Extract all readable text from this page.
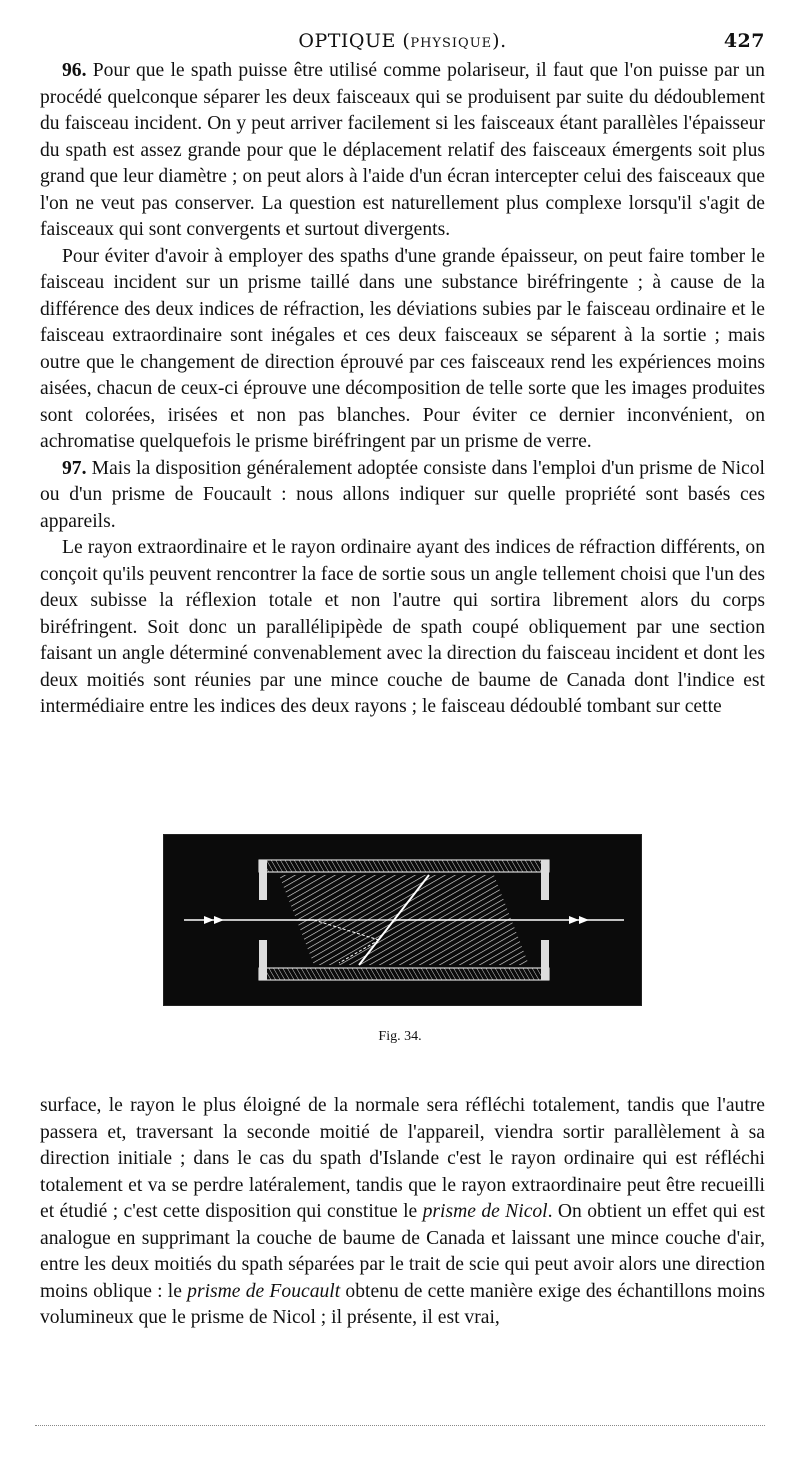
OPTIQUE (PHYSIQUE).	427

96. Pour que le spath puisse être utilisé comme polariseur, il faut que l'on puisse par un procédé quelconque séparer les deux faisceaux qui se produisent par suite du dédoublement du faisceau incident. On y peut arriver facilement si les faisceaux étant parallèles l'épaisseur du spath est assez grande pour que le déplacement relatif des faisceaux émergents soit plus grand que leur diamètre ; on peut alors à l'aide d'un écran intercepter celui des faisceaux que l'on ne veut pas conserver. La question est naturellement plus complexe lorsqu'il s'agit de faisceaux qui sont convergents et surtout divergents.

Pour éviter d'avoir à employer des spaths d'une grande épaisseur, on peut faire tomber le faisceau incident sur un prisme taillé dans une substance biréfringente ; à cause de la différence des deux indices de réfraction, les déviations subies par le faisceau ordinaire et le faisceau extraordinaire sont inégales et ces deux faisceaux se séparent à la sortie ; mais outre que le changement de direction éprouvé par ces faisceaux rend les expériences moins aisées, chacun de ceux-ci éprouve une décomposition de telle sorte que les images produites sont colorées, irisées et non pas blanches. Pour éviter ce dernier inconvénient, on achromatise quelquefois le prisme biréfringent par un prisme de verre.

97. Mais la disposition généralement adoptée consiste dans l'emploi d'un prisme de Nicol ou d'un prisme de Foucault : nous allons indiquer sur quelle propriété sont basés ces appareils.

Le rayon extraordinaire et le rayon ordinaire ayant des indices de réfraction différents, on conçoit qu'ils peuvent rencontrer la face de sortie sous un angle tellement choisi que l'un des deux subisse la réflexion totale et non l'autre qui sortira librement alors du corps biréfringent. Soit donc un parallélipipède de spath coupé obliquement par une section faisant un angle déterminé convenablement avec la direction du faisceau incident et dont les deux moitiés sont réunies par une mince couche de baume de Canada dont l'indice est intermédiaire entre les indices des deux rayons ; le faisceau dédoublé tombant sur cette

Fig. 34.

surface, le rayon le plus éloigné de la normale sera réfléchi totalement, tandis que l'autre passera et, traversant la seconde moitié de l'appareil, viendra sortir parallèlement à sa direction initiale ; dans le cas du spath d'Islande c'est le rayon ordinaire qui est réfléchi totalement et va se perdre latéralement, tandis que le rayon extraordinaire peut être recueilli et étudié ; c'est cette disposition qui constitue le prisme de Nicol. On obtient un effet qui est analogue en supprimant la couche de baume de Canada et laissant une mince couche d'air, entre les deux moitiés du spath séparées par le trait de scie qui peut avoir alors une direction moins oblique : le prisme de Foucault obtenu de cette manière exige des échantillons moins volumineux que le prisme de Nicol ; il présente, il est vrai,
